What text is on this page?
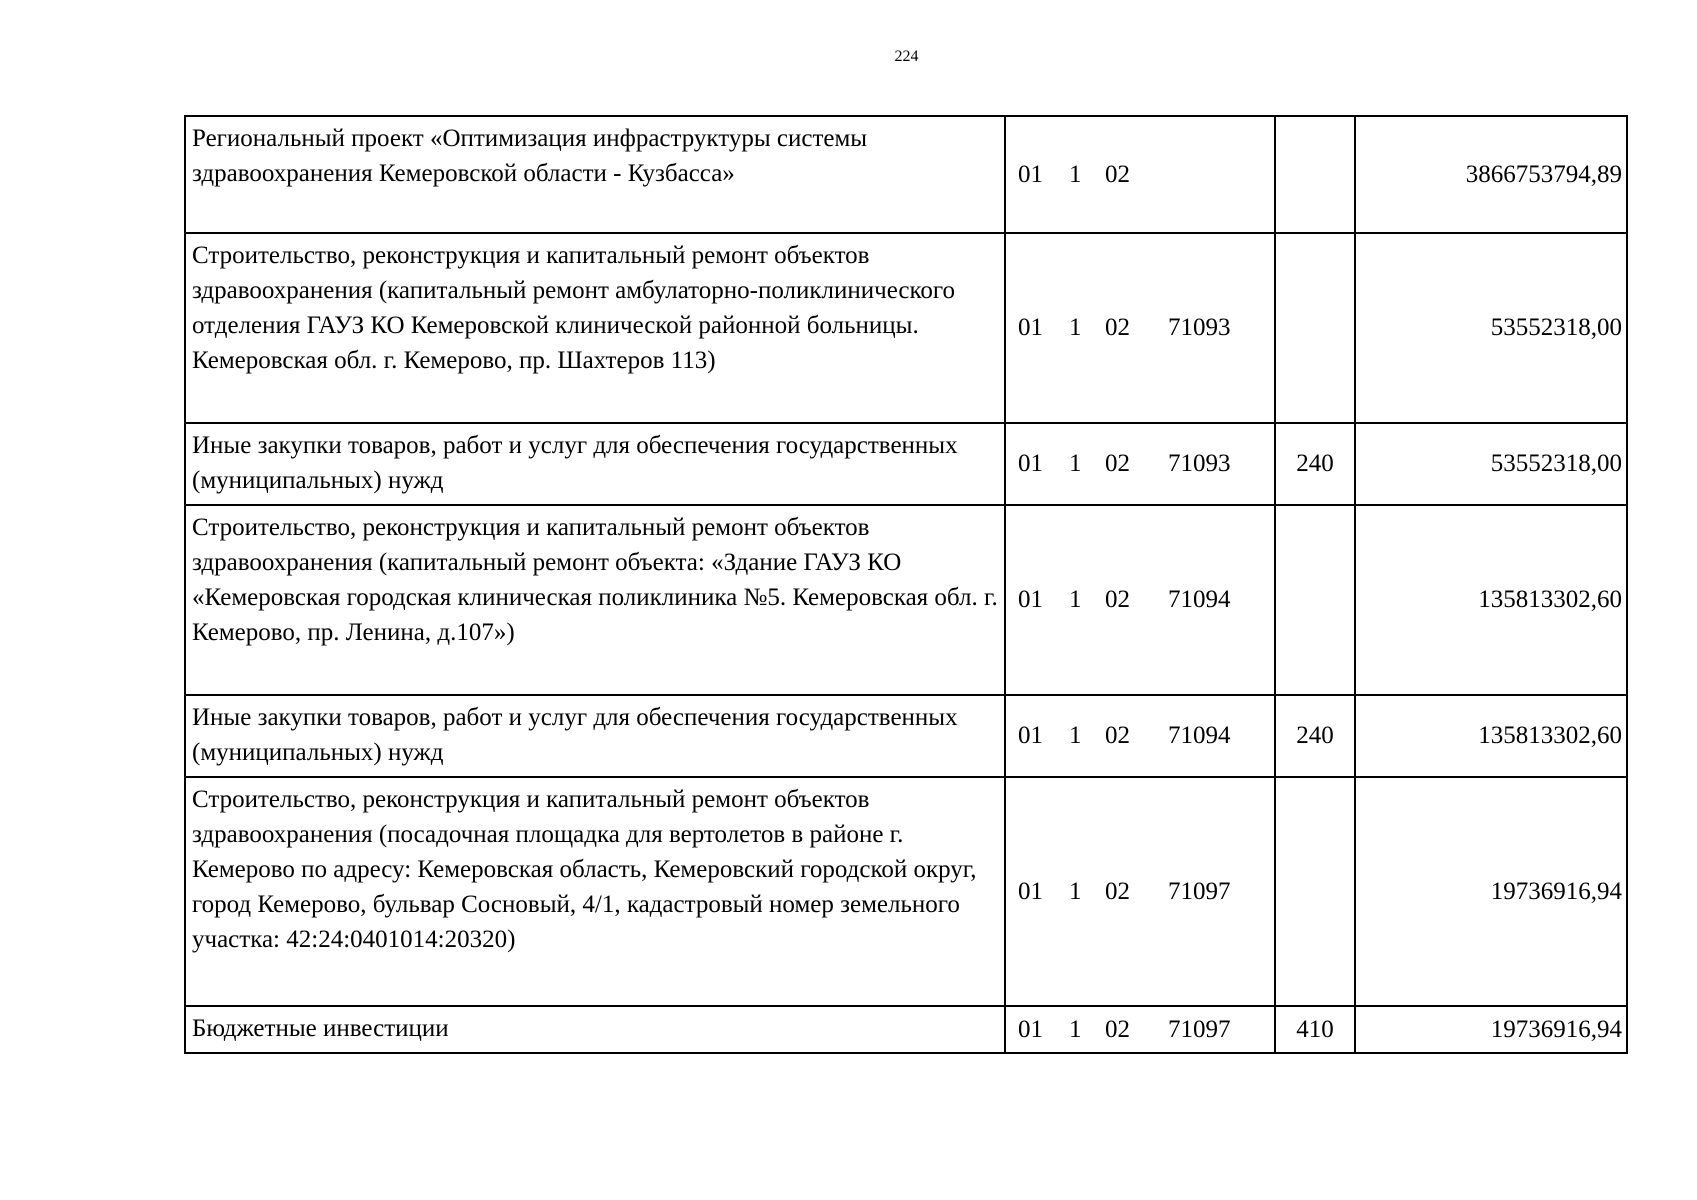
224
Региональный проект «Оптимизация инфраструктуры системы здравоохранения Кемеровской области - Кузбасса»	01 1 02		3866753794,89
Строительство, реконструкция и капитальный ремонт объектов здравоохранения (капитальный ремонт амбулаторно-поликлинического отделения ГАУЗ КО Кемеровской клинической районной больницы. Кемеровская обл. г. Кемерово, пр. Шахтеров 113)	01 1 02 71093		53552318,00
Иные закупки товаров, работ и услуг для обеспечения государственных (муниципальных) нужд	01 1 02 71093	240	53552318,00
Строительство, реконструкция и капитальный ремонт объектов здравоохранения (капитальный ремонт объекта: «Здание ГАУЗ КО «Кемеровская городская клиническая поликлиника №5. Кемеровская обл. г. Кемерово, пр. Ленина, д.107»)	01 1 02 71094		135813302,60
Иные закупки товаров, работ и услуг для обеспечения государственных (муниципальных) нужд	01 1 02 71094	240	135813302,60
Строительство, реконструкция и капитальный ремонт объектов здравоохранения (посадочная площадка для вертолетов в районе г. Кемерово по адресу: Кемеровская область, Кемеровский городской округ, город Кемерово, бульвар Сосновый, 4/1, кадастровый номер земельного участка: 42:24:0401014:20320)	01 1 02 71097		19736916,94
Бюджетные инвестиции	01 1 02 71097	410	19736916,94
